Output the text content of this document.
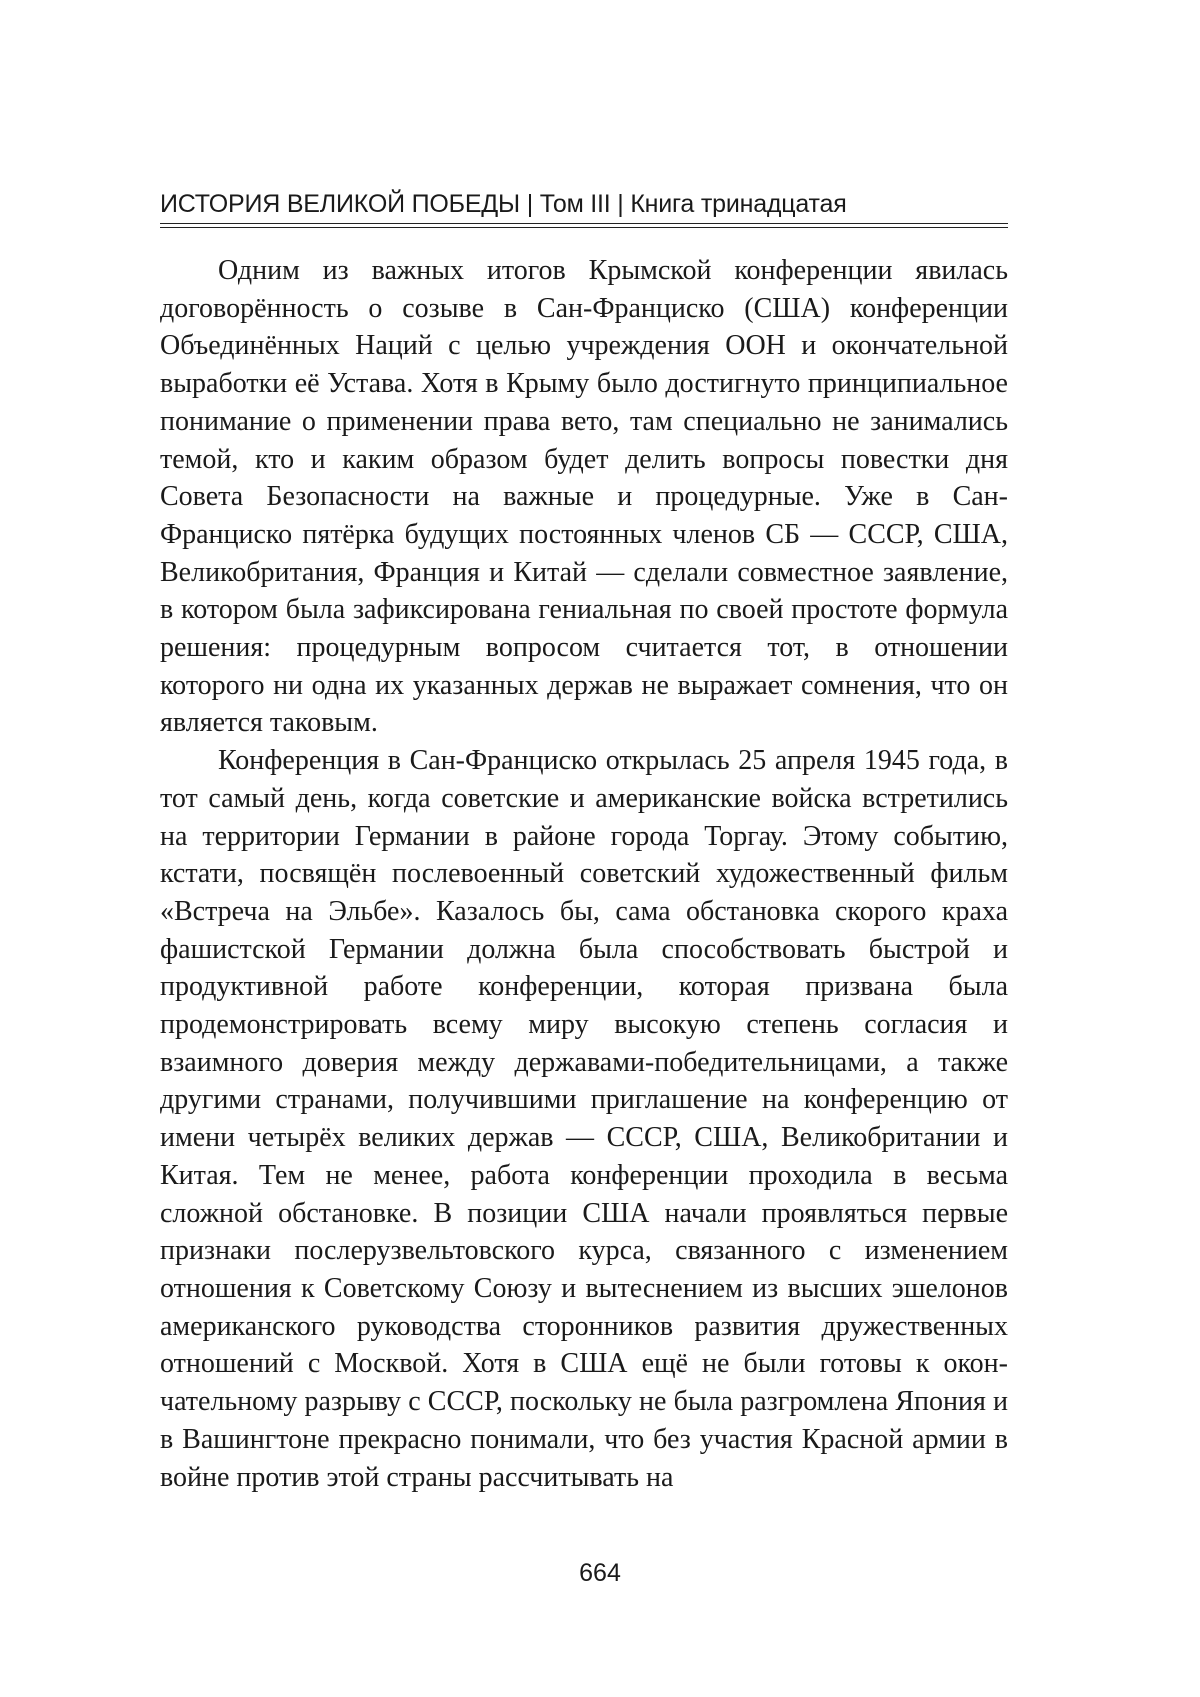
ИСТОРИЯ ВЕЛИКОЙ ПОБЕДЫ | Том III | Книга тринадцатая

Одним из важных итогов Крымской конференции явилась договорённость о созыве в Сан-Франциско (США) конференции Объединённых Наций с целью учреждения ООН и окончательной выработки её Устава. Хотя в Крыму было достигнуто принципиальное понимание о применении права вето, там специально не занимались темой, кто и каким образом будет делить вопросы повестки дня Совета Безопасности на важные и процедурные. Уже в Сан-Франциско пятёрка будущих постоянных членов СБ — СССР, США, Великобритания, Франция и Китай — сделали совместное заявление, в котором была зафиксирована гениальная по своей простоте формула решения: процедурным вопросом считается тот, в отношении которого ни одна их указанных держав не выражает сомнения, что он является таковым.

Конференция в Сан-Франциско открылась 25 апреля 1945 года, в тот самый день, когда советские и американские войска встретились на территории Германии в районе города Торгау. Этому событию, кстати, посвящён послевоенный советский художественный фильм «Встреча на Эльбе». Казалось бы, сама обстановка скорого краха фашистской Германии должна была способствовать быстрой и продуктивной работе конференции, которая призвана была продемонстрировать всему миру высокую степень согласия и взаимного доверия между державами-победительницами, а также другими странами, получившими приглашение на конференцию от имени четырёх великих держав — СССР, США, Великобритании и Китая. Тем не менее, работа конференции проходила в весьма сложной обстановке. В позиции США начали проявляться первые признаки послерузвельтовского курса, связанного с изменением отношения к Советскому Союзу и вытеснением из высших эшелонов американского руководства сторонников развития дружественных отношений с Москвой. Хотя в США ещё не были готовы к окончательному разрыву с СССР, поскольку не была разгромлена Япония и в Вашингтоне прекрасно понимали, что без участия Красной армии в войне против этой страны рассчитывать на

664
